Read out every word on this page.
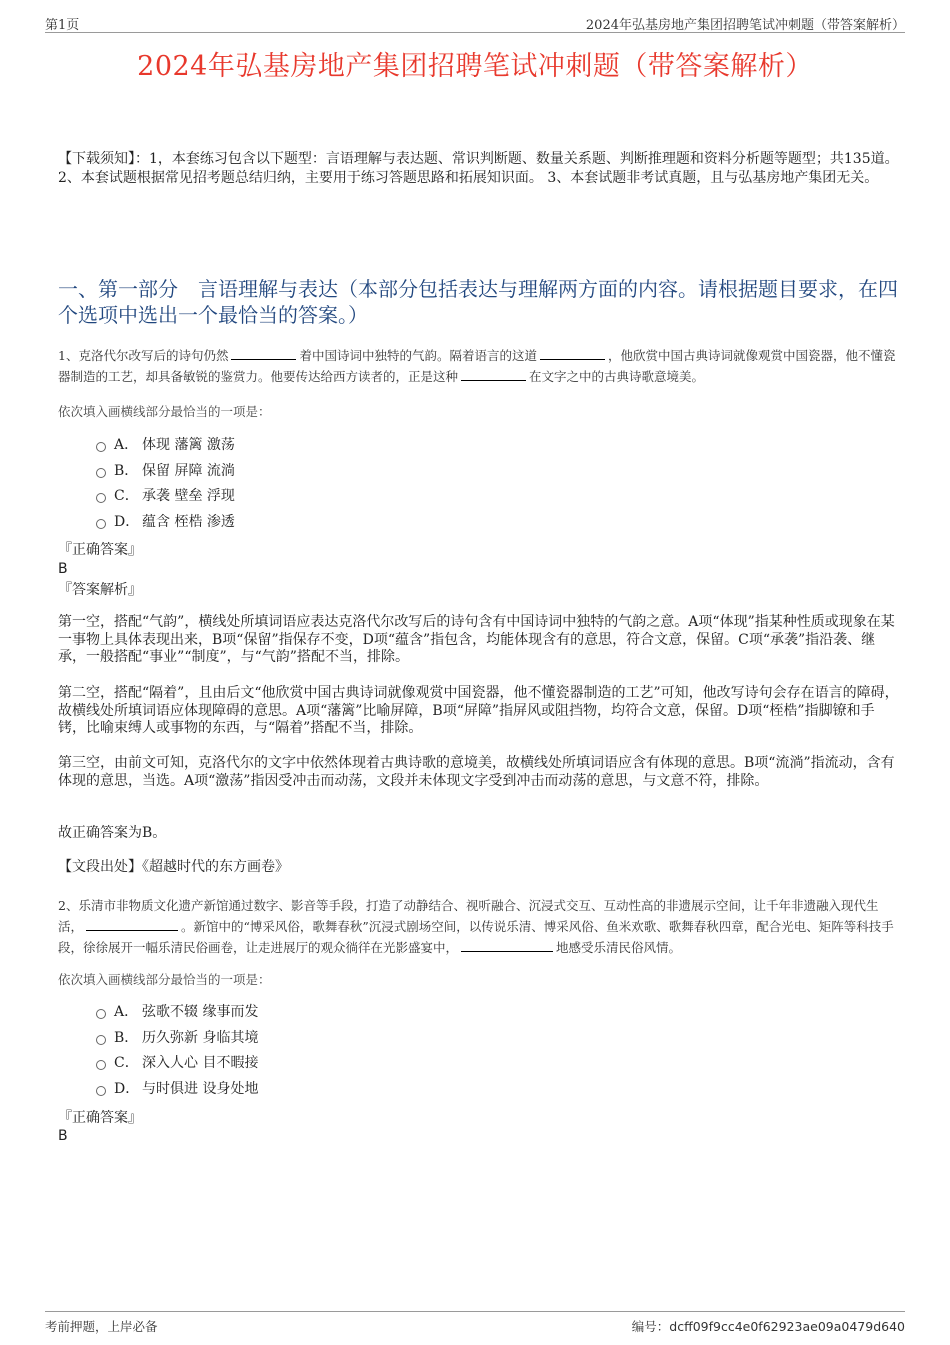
第1页	2024年弘基房地产集团招聘笔试冲刺题（带答案解析）
2024年弘基房地产集团招聘笔试冲刺题（带答案解析）
【下载须知】：1，本套练习包含以下题型：言语理解与表达题、常识判断题、数量关系题、判断推理题和资料分析题等题型；共135道。 2、本套试题根据常见招考题总结归纳，主要用于练习答题思路和拓展知识面。 3、本套试题非考试真题，且与弘基房地产集团无关。
一、第一部分　言语理解与表达（本部分包括表达与理解两方面的内容。请根据题目要求，在四个选项中选出一个最恰当的答案。）
1、克洛代尔改写后的诗句仍然	着中国诗词中独特的气韵。隔着语言的这道	，他欣赏中国古典诗词就像观赏中国瓷器，他不懂瓷器制造的工艺，却具备敏锐的鉴赏力。他要传达给西方读者的，正是这种	在文字之中的古典诗歌意境美。
依次填入画横线部分最恰当的一项是：
A． 体现 藩篱 激荡
B． 保留 屏障 流淌
C． 承袭 壁垒 浮现
D． 蕴含 桎梏 渗透
『正确答案』
B
『答案解析』
第一空，搭配“气韵”，横线处所填词语应表达克洛代尔改写后的诗句含有中国诗词中独特的气韵之意。A项“体现”指某种性质或现象在某一事物上具体表现出来，B项“保留”指保存不变，D项“蕴含”指包含，均能体现含有的意思，符合文意，保留。C项“承袭”指沿袭、继承，一般搭配“事业”“制度”，与“气韵”搭配不当，排除。
第二空，搭配“隔着”，且由后文“他欣赏中国古典诗词就像观赏中国瓷器，他不懂瓷器制造的工艺”可知，他改写诗句会存在语言的障碍，故横线处所填词语应体现障碍的意思。A项“藩篱”比喻屏障，B项“屏障”指屏风或阻挡物，均符合文意，保留。D项“桎梏”指脚镣和手铐，比喻束缚人或事物的东西，与“隔着”搭配不当，排除。
第三空，由前文可知，克洛代尔的文字中依然体现着古典诗歌的意境美，故横线处所填词语应含有体现的意思。B项“流淌”指流动，含有体现的意思，当选。A项“激荡”指因受冲击而动荡，文段并未体现文字受到冲击而动荡的意思，与文意不符，排除。
故正确答案为B。
【文段出处】《超越时代的东方画卷》
2、乐清市非物质文化遗产新馆通过数字、影音等手段，打造了动静结合、视听融合、沉浸式交互、互动性高的非遗展示空间，让千年非遗融入现代生活，	。新馆中的“博采风俗，歌舞春秋”沉浸式剧场空间，以传说乐清、博采风俗、鱼米欢歌、歌舞春秋四章，配合光电、矩阵等科技手段，徐徐展开一幅乐清民俗画卷，让走进展厅的观众徜徉在光影盛宴中，	地感受乐清民俗风情。
依次填入画横线部分最恰当的一项是：
A． 弦歌不辍 缘事而发
B． 历久弥新 身临其境
C． 深入人心 目不暇接
D． 与时俱进 设身处地
『正确答案』
B
考前押题，上岸必备	编号：dcff09f9cc4e0f62923ae09a0479d640
